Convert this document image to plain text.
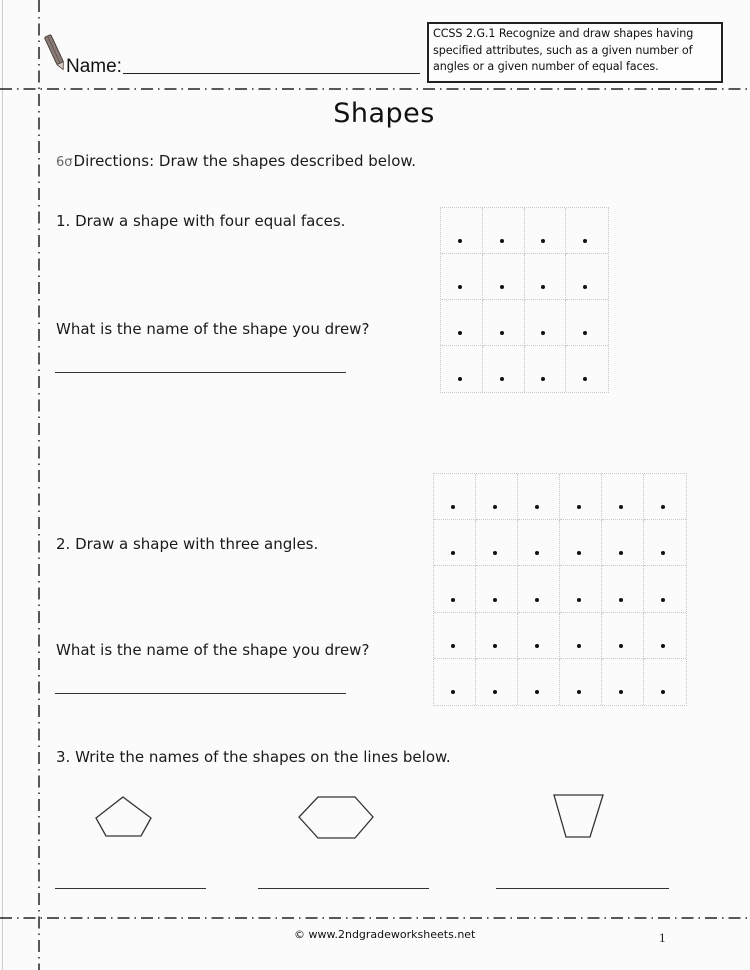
Name:
CCSS 2.G.1 Recognize and draw shapes having
specified attributes, such as a given number of
angles or a given number of equal faces.
Shapes
6σDirections: Draw the shapes described below.
1. Draw a shape with four equal faces.
What is the name of the shape you drew?
2. Draw a shape with three angles.
What is the name of the shape you drew?
3. Write the names of the shapes on the lines below.
© www.2ndgradeworksheets.net	1
